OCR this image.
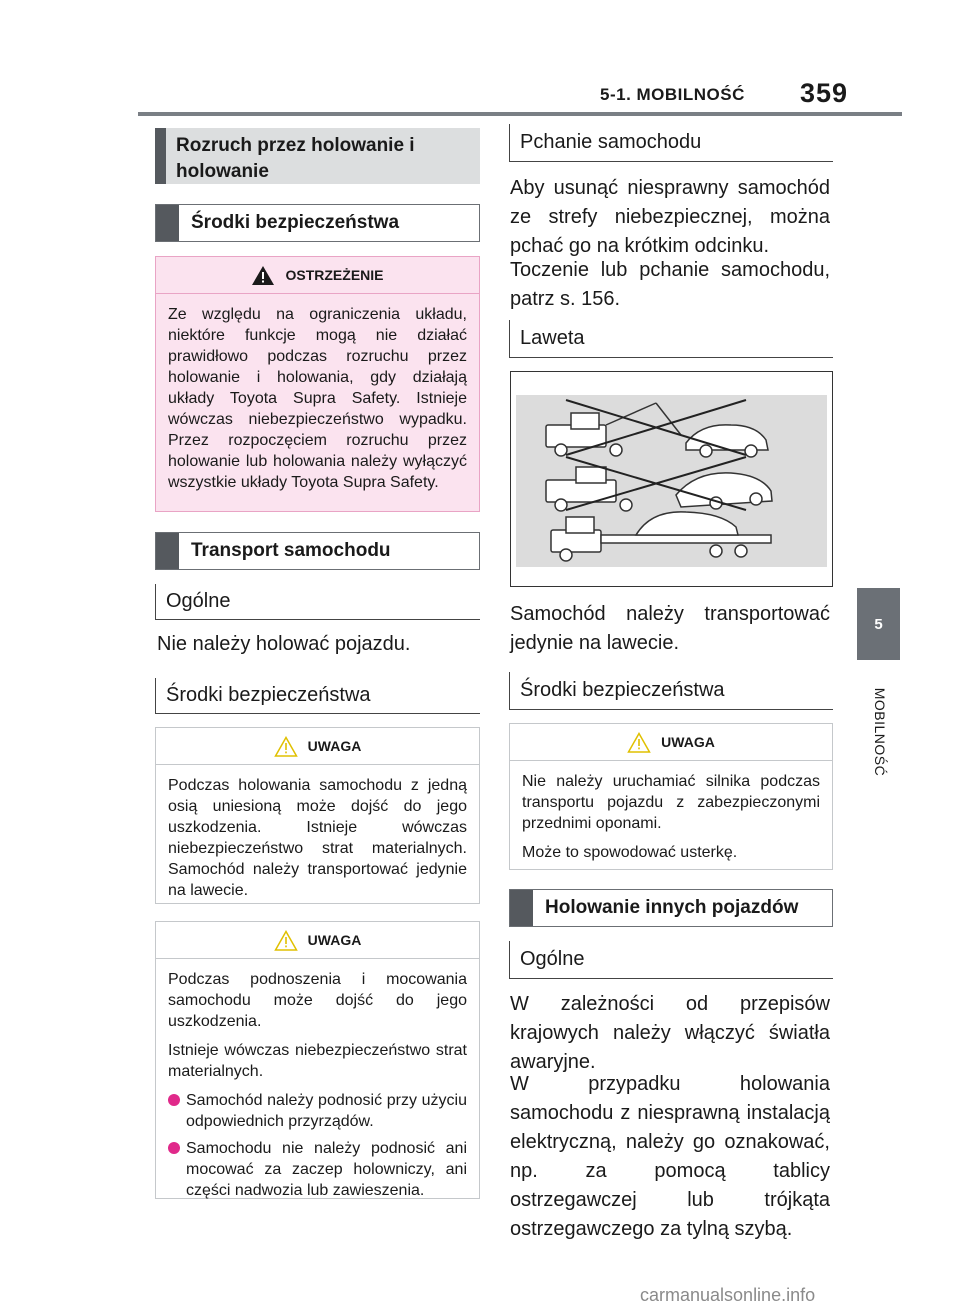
5-1. MOBILNOŚĆ 359
5
MOBILNOŚĆ
Rozruch przez holowanie i holowanie
Środki bezpieczeństwa
OSTRZEŻENIE

Ze względu na ograniczenia układu, niektóre funkcje mogą nie działać prawidłowo podczas rozruchu przez holowanie i holowania, gdy działają układy Toyota Supra Safety. Istnieje wówczas niebezpieczeństwo wypadku. Przez rozpoczęciem rozruchu przez holowanie lub holowania należy wyłączyć wszystkie układy Toyota Supra Safety.

Transport samochodu
Ogólne
Nie należy holować pojazdu.
Środki bezpieczeństwa
UWAGA

Podczas holowania samochodu z jedną osią uniesioną może dojść do jego uszkodzenia. Istnieje wówczas niebezpieczeństwo strat materialnych. Samochód należy transportować jedynie na lawecie.

UWAGA

Podczas podnoszenia i mocowania samochodu może dojść do jego uszkodzenia.

Istnieje wówczas niebezpieczeństwo strat materialnych.

Samochód należy podnosić przy użyciu odpowiednich przyrządów.
Samochodu nie należy podnosić ani mocować za zaczep holowniczy, ani części nadwozia lub zawieszenia.
Pchanie samochodu
Aby usunąć niesprawny samochód ze strefy niebezpiecznej, można pchać go na krótkim odcinku.
Toczenie lub pchanie samochodu, patrz s. 156.
Laweta
Samochód należy transportować jedynie na lawecie.
Środki bezpieczeństwa
UWAGA

Nie należy uruchamiać silnika podczas transportu pojazdu z zabezpieczonymi przednimi oponami.

Może to spowodować usterkę.

Holowanie innych pojazdów
Ogólne
W zależności od przepisów krajowych należy włączyć światła awaryjne.
W przypadku holowania samochodu z niesprawną instalacją elektryczną, należy go oznakować, np. za pomocą tablicy ostrzegawczej lub trójkąta ostrzegawczego za tylną szybą.
carmanualsonline.info
